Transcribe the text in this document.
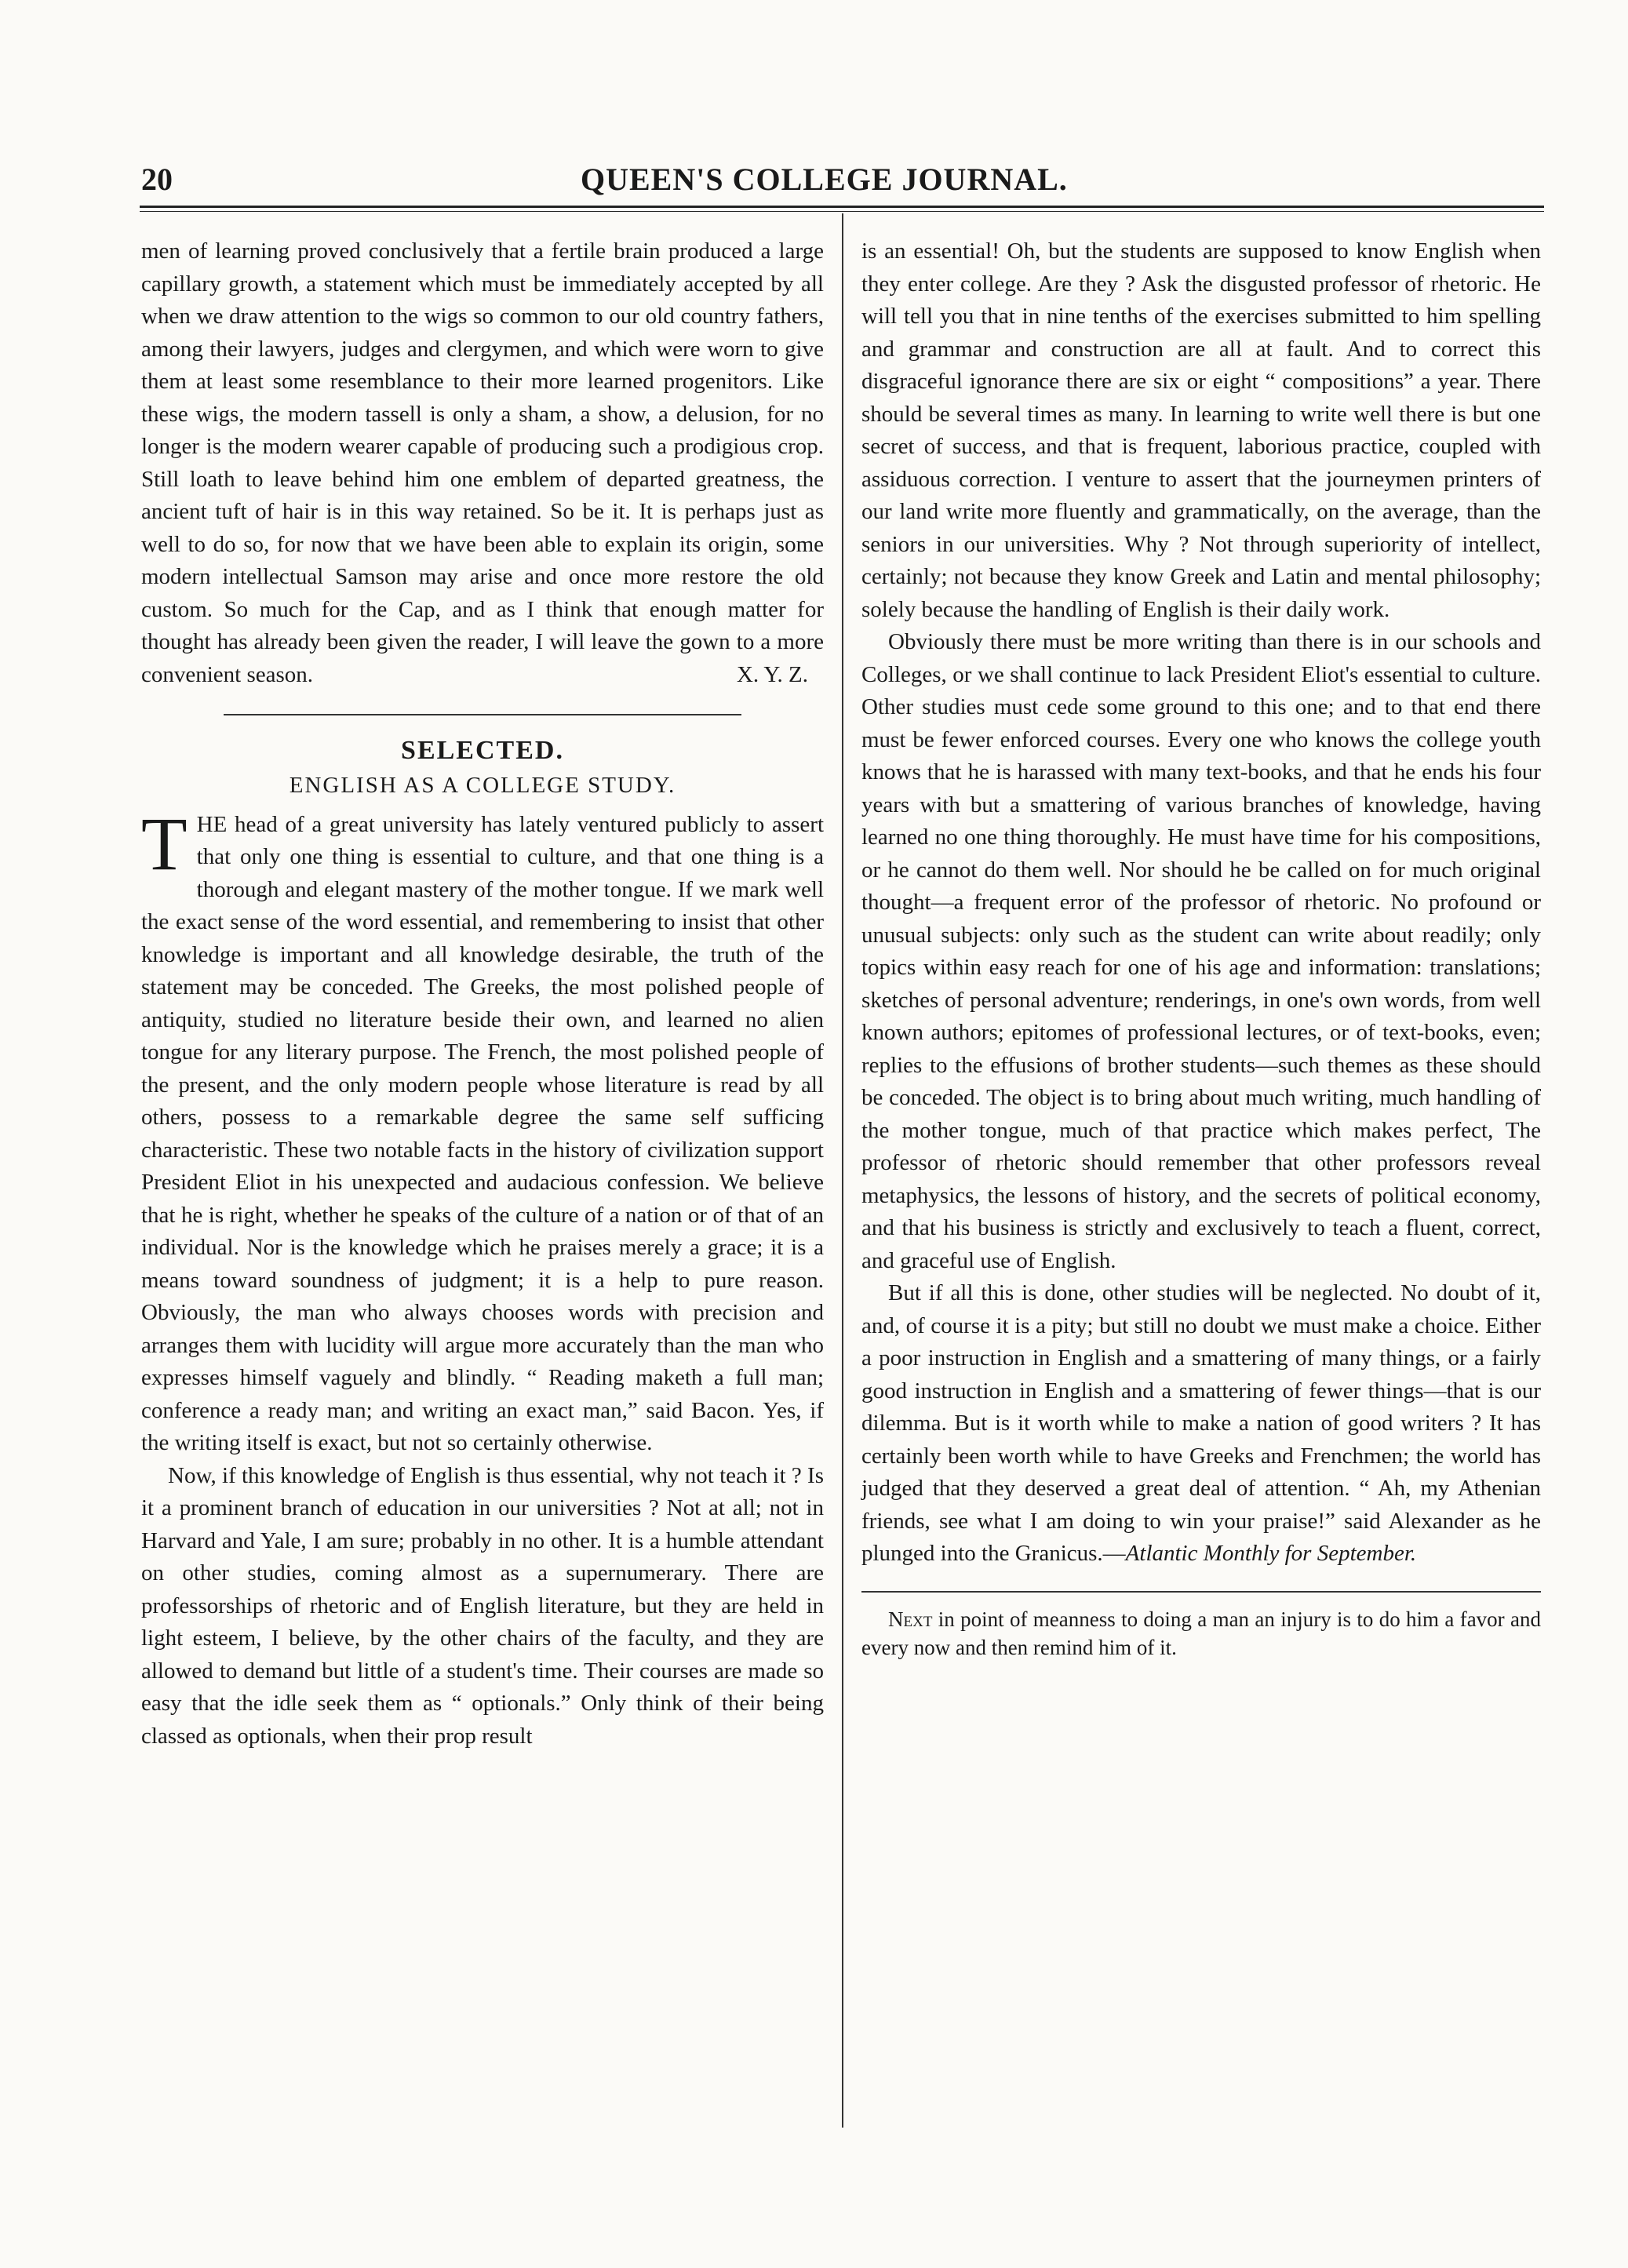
20	QUEEN'S COLLEGE JOURNAL.

men of learning proved conclusively that a fertile brain produced a large capillary growth, a statement which must be immediately accepted by all when we draw attention to the wigs so common to our old country fathers, among their lawyers, judges and clergymen, and which were worn to give them at least some resemblance to their more learned progenitors. Like these wigs, the modern tassell is only a sham, a show, a delusion, for no longer is the modern wearer capable of producing such a prodigious crop. Still loath to leave behind him one emblem of departed greatness, the ancient tuft of hair is in this way retained. So be it. It is perhaps just as well to do so, for now that we have been able to explain its origin, some modern intellectual Samson may arise and once more restore the old custom. So much for the Cap, and as I think that enough matter for thought has already been given the reader, I will leave the gown to a more convenient season.	X. Y. Z.

SELECTED.
ENGLISH AS A COLLEGE STUDY.

THE head of a great university has lately ventured publicly to assert that only one thing is essential to culture, and that one thing is a thorough and elegant mastery of the mother tongue. If we mark well the exact sense of the word essential, and remembering to insist that other knowledge is important and all knowledge desirable, the truth of the statement may be conceded. The Greeks, the most polished people of antiquity, studied no literature beside their own, and learned no alien tongue for any literary purpose. The French, the most polished people of the present, and the only modern people whose literature is read by all others, possess to a remarkable degree the same self sufficing characteristic. These two notable facts in the history of civilization support President Eliot in his unexpected and audacious confession. We believe that he is right, whether he speaks of the culture of a nation or of that of an individual. Nor is the knowledge which he praises merely a grace; it is a means toward soundness of judgment; it is a help to pure reason. Obviously, the man who always chooses words with precision and arranges them with lucidity will argue more accurately than the man who expresses himself vaguely and blindly. “ Reading maketh a full man; conference a ready man; and writing an exact man,” said Bacon. Yes, if the writing itself is exact, but not so certainly otherwise.

Now, if this knowledge of English is thus essential, why not teach it ? Is it a prominent branch of education in our universities ? Not at all; not in Harvard and Yale, I am sure; probably in no other. It is a humble attendant on other studies, coming almost as a supernumerary. There are professorships of rhetoric and of English literature, but they are held in light esteem, I believe, by the other chairs of the faculty, and they are allowed to demand but little of a student's time. Their courses are made so easy that the idle seek them as “ optionals.” Only think of their being classed as optionals, when their prop result

is an essential! Oh, but the students are supposed to know English when they enter college. Are they ? Ask the disgusted professor of rhetoric. He will tell you that in nine tenths of the exercises submitted to him spelling and grammar and construction are all at fault. And to correct this disgraceful ignorance there are six or eight “ compositions” a year. There should be several times as many. In learning to write well there is but one secret of success, and that is frequent, laborious practice, coupled with assiduous correction. I venture to assert that the journeymen printers of our land write more fluently and grammatically, on the average, than the seniors in our universities. Why ? Not through superiority of intellect, certainly; not because they know Greek and Latin and mental philosophy; solely because the handling of English is their daily work.

Obviously there must be more writing than there is in our schools and Colleges, or we shall continue to lack President Eliot's essential to culture. Other studies must cede some ground to this one; and to that end there must be fewer enforced courses. Every one who knows the college youth knows that he is harassed with many text-books, and that he ends his four years with but a smattering of various branches of knowledge, having learned no one thing thoroughly. He must have time for his compositions, or he cannot do them well. Nor should he be called on for much original thought—a frequent error of the professor of rhetoric. No profound or unusual subjects: only such as the student can write about readily; only topics within easy reach for one of his age and information: translations; sketches of personal adventure; renderings, in one's own words, from well known authors; epitomes of professional lectures, or of text-books, even; replies to the effusions of brother students—such themes as these should be conceded. The object is to bring about much writing, much handling of the mother tongue, much of that practice which makes perfect, The professor of rhetoric should remember that other professors reveal metaphysics, the lessons of history, and the secrets of political economy, and that his business is strictly and exclusively to teach a fluent, correct, and graceful use of English.

But if all this is done, other studies will be neglected. No doubt of it, and, of course it is a pity; but still no doubt we must make a choice. Either a poor instruction in English and a smattering of many things, or a fairly good instruction in English and a smattering of fewer things—that is our dilemma. But is it worth while to make a nation of good writers ? It has certainly been worth while to have Greeks and Frenchmen; the world has judged that they deserved a great deal of attention. “ Ah, my Athenian friends, see what I am doing to win your praise!” said Alexander as he plunged into the Granicus.—Atlantic Monthly for September.

Next in point of meanness to doing a man an injury is to do him a favor and every now and then remind him of it.
